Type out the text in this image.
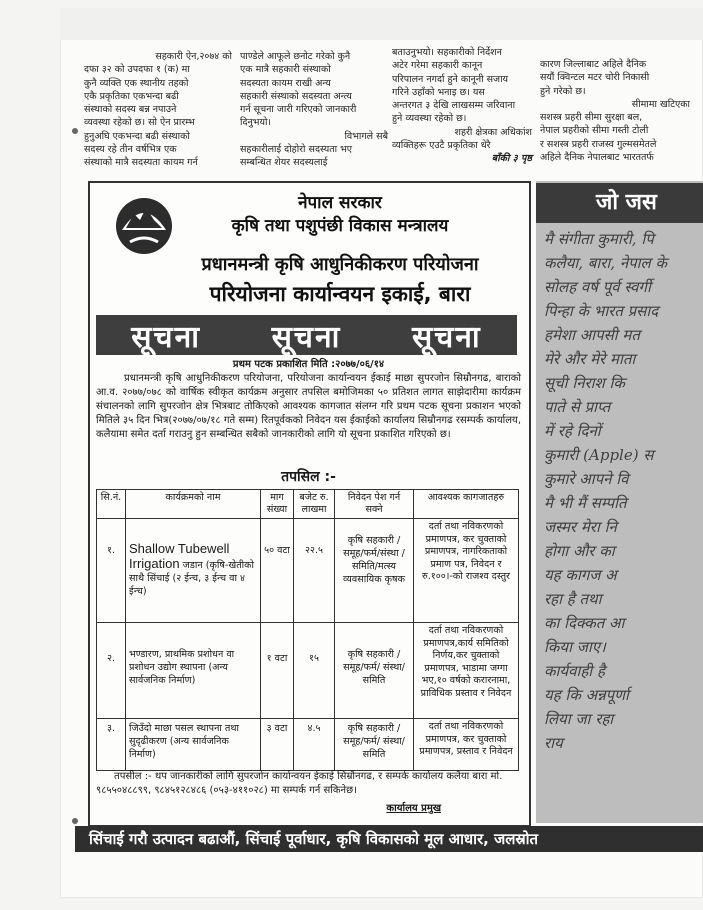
सहकारी ऐन,२०७४ को

दफा ३२ को उपदफा १ (क) मा

कुनै व्यक्ति एक स्थानीय तहको

एकै प्रकृतिका एकभन्दा बढी

संस्थाको सदस्य बन्न नपाउने

व्यवस्था रहेको छ। सो ऐन प्रारम्भ

हुनुअघि एकभन्दा बढी संस्थाको

सदस्य रहे तीन वर्षभित्र एक

संस्थाको मात्रै सदस्यता कायम गर्न

पाण्डेले आफूले छनोट गरेको कुनै

एक मात्रै सहकारी संस्थाको

सदस्यता कायम राखी अन्य

सहकारी संस्थाको सदस्यता अन्त्य

गर्न सूचना जारी गरिएको जानकारी

दिनुभयो।

विभागले सबै

सहकारीलाई दोहोरो सदस्यता भए

सम्बन्धित शेयर सदस्यलाई

बताउनुभयो। सहकारीको निर्देशन

अटेर गरेमा सहकारी कानून

परिपालन नगर्दा हुने कानूनी सजाय

गरिने उहाँको भनाइ छ। यस

अन्तरगत ३ देखि लाखसम्म जरिवाना

हुने व्यवस्था रहेको छ।

शहरी क्षेत्रका अधिकांश

व्यक्तिहरू एउटै प्रकृतिका धेरै

बाँकी ३ पृष्ठ

कारण जिल्लाबाट अहिले दैनिक

सयौं क्विन्टल मटर चोरी निकासी

हुने गरेको छ।

सीमामा खटिएका

सशस्त्र प्रहरी सीमा सुरक्षा बल,

नेपाल प्रहरीको सीमा गस्ती टोली

र सशस्त्र प्रहरी राजस्व गुल्मसमेतले

अहिले दैनिक नेपालबाट भारततर्फ

नेपाल सरकार
कृषि तथा पशुपंछी विकास मन्त्रालय
प्रधानमन्त्री कृषि आधुनिकीकरण परियोजना
परियोजना कार्यान्वयन इकाई, बारा
सूचना सूचना सूचना
प्रथम पटक प्रकाशित मिति :२०७७/०६/१४
प्रधानमन्त्री कृषि आधुनिकीकरण परियोजना, परियोजना कार्यान्वयन ईकाई माछा सुपरजोन सिम्रौनगढ, बाराको आ.व. २०७७/०७८ को वार्षिक स्वीकृत कार्यक्रम अनुसार तपसिल बमोजिमका ५० प्रतिशत लागत साझेदारीमा कार्यक्रम संचालनको लागि सुपरजोन क्षेत्र भित्रबाट तोकिएको आवश्यक कागजात संलग्न गरि प्रथम पटक सूचना प्रकाशन भएको मितिले ३५ दिन भित्र(२०७७/०७/१८ गते सम्म) रितपूर्वकको निवेदन यस ईकाईको कार्यालय सिम्रौनगढ रसम्पर्क कार्यालय, कलैयामा समेत दर्ता गराउनु हुन सम्बन्धित सबैको जानकारीको लागि यो सूचना प्रकाशित गरिएको छ।
तपसिल :-
सि.नं.	कार्यक्रमको नाम	माग संख्या	बजेट रु. लाखमा	निवेदन पेश गर्न सक्ने	आवश्यक कागजातहरु
१.	Shallow Tubewell Irrigation जडान (कृषि-खेतीको साथै सिंचाई (२ ईन्च, ३ ईन्च वा ४ ईन्च)	५० वटा	२२.५	कृषि सहकारी /समूह/फर्म/संस्था /समिति/मत्स्य व्यवसायिक कृषक	दर्ता तथा नविकरणको प्रमाणपत्र, कर चुक्ताको प्रमाणपत्र, नागरिकताको प्रमाण पत्र, निवेदन र रु.१००।-को राजश्व दस्तुर
२.	भण्डारण, प्राथमिक प्रशोधन वा प्रशोधन उद्योग स्थापना (अन्य सार्वजनिक निर्माण)	१ वटा	१५	कृषि सहकारी /समूह/फर्म/ संस्था/समिति	दर्ता तथा नविकरणको प्रमाणपत्र,कार्य समितिको निर्णय,कर चुक्ताको प्रमाणपत्र, भाडामा जग्गा भए,१० वर्षको करारनामा, प्राविधिक प्रस्ताव र निवेदन
३.	जिउँदो माछा पसल स्थापना तथा सुदृढीकरण (अन्य सार्वजनिक निर्माण)	३ वटा	४.५	कृषि सहकारी /समूह/फर्म/ संस्था/समिति	दर्ता तथा नविकरणको प्रमाणपत्र, कर चुक्ताको प्रमाणपत्र, प्रस्ताव र निवेदन
तपसील :- थप जानकारीको लागि सुपरजोन कार्यान्वयन ईकाई सिम्रौनगढ, र सम्पर्क कार्यालय कलैया बारा मो. ९८५५०४८८९९, ९८४५१२८४८६ (०५३-४११०२८) मा सम्पर्क गर्न सकिनेछ।
कार्यालय प्रमुख
जो जस
मै संगीता कुमारी, पि
कलैया, बारा, नेपाल के
सोलह वर्ष पूर्व स्वर्गी
पिन्हा के भारत प्रसाद
हमेशा आपसी मत
मेरे और मेरे माता
सूची निराश कि
पाते से प्राप्त
में रहे दिनों
कुमारी (Apple) स
कुमारे आपने वि
मै भी मैं सम्पति
जस्मर मेरा नि
होगा और का
यह कागज अ
रहा है तथा
का दिक्कत आ
किया जाए।
कार्यवाही है
यह कि अन्नपूर्णा
लिया जा रहा
राय
सिंचाई गरौ उत्पादन बढाऔं, सिंचाई पूर्वाधार, कृषि विकासको मूल आधार, जलस्रोत
